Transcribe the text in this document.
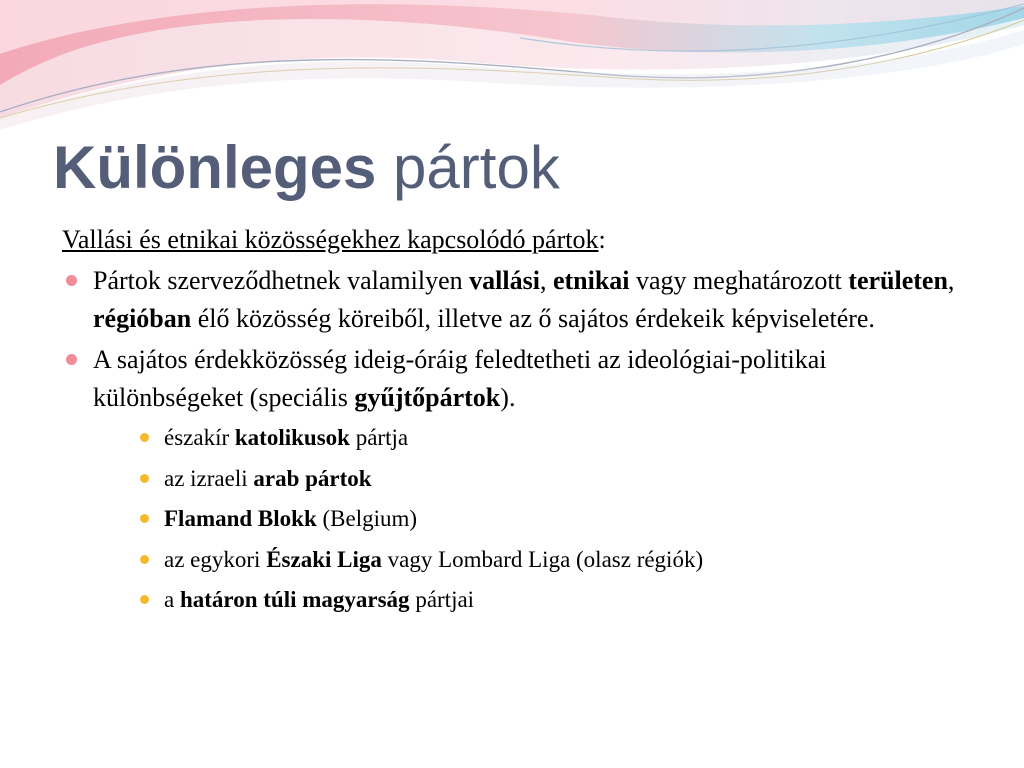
Különleges pártok

Vallási és etnikai közösségekhez kapcsolódó pártok:

Pártok szerveződhetnek valamilyen vallási, etnikai vagy meghatározott területen, régióban élő közösség köreiből, illetve az ő sajátos érdekeik képviseletére.
A sajátos érdekközösség ideig-óráig feledtetheti az ideológiai-politikai különbségeket (speciális gyűjtőpártok).
északír katolikusok pártja
az izraeli arab pártok
Flamand Blokk (Belgium)
az egykori Északi Liga vagy Lombard Liga (olasz régiók)
a határon túli magyarság pártjai
